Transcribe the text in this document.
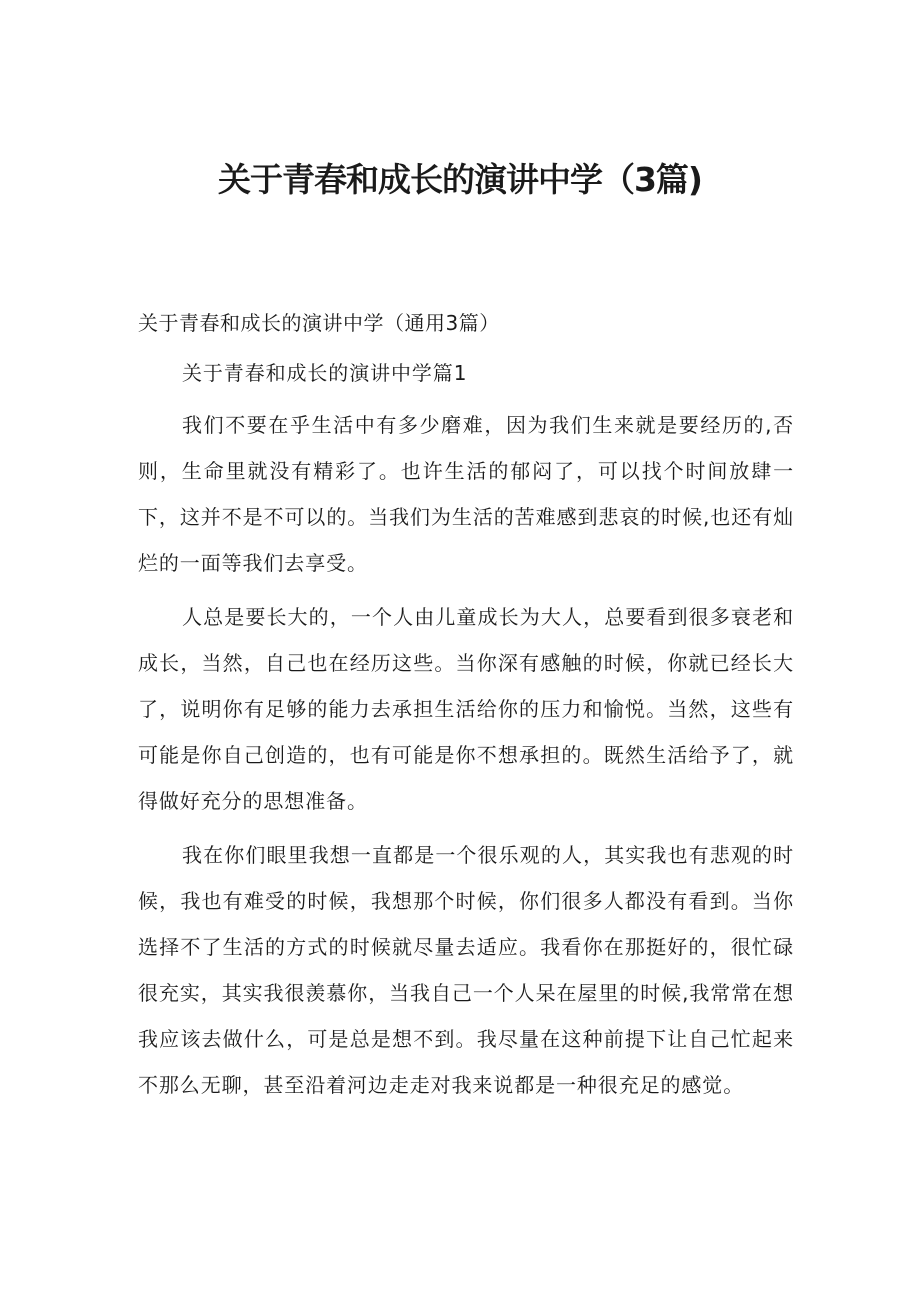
关于青春和成长的演讲中学（3篇)

关于青春和成长的演讲中学（通用3篇）

关于青春和成长的演讲中学篇1

我们不要在乎生活中有多少磨难，因为我们生来就是要经历的,否则，生命里就没有精彩了。也许生活的郁闷了，可以找个时间放肆一下，这并不是不可以的。当我们为生活的苦难感到悲哀的时候,也还有灿烂的一面等我们去享受。

人总是要长大的，一个人由儿童成长为大人，总要看到很多衰老和成长，当然，自己也在经历这些。当你深有感触的时候，你就已经长大了，说明你有足够的能力去承担生活给你的压力和愉悦。当然，这些有可能是你自己创造的，也有可能是你不想承担的。既然生活给予了，就得做好充分的思想准备。

我在你们眼里我想一直都是一个很乐观的人，其实我也有悲观的时候，我也有难受的时候，我想那个时候，你们很多人都没有看到。当你选择不了生活的方式的时候就尽量去适应。我看你在那挺好的，很忙碌很充实，其实我很羡慕你，当我自己一个人呆在屋里的时候,我常常在想我应该去做什么，可是总是想不到。我尽量在这种前提下让自己忙起来不那么无聊，甚至沿着河边走走对我来说都是一种很充足的感觉。
